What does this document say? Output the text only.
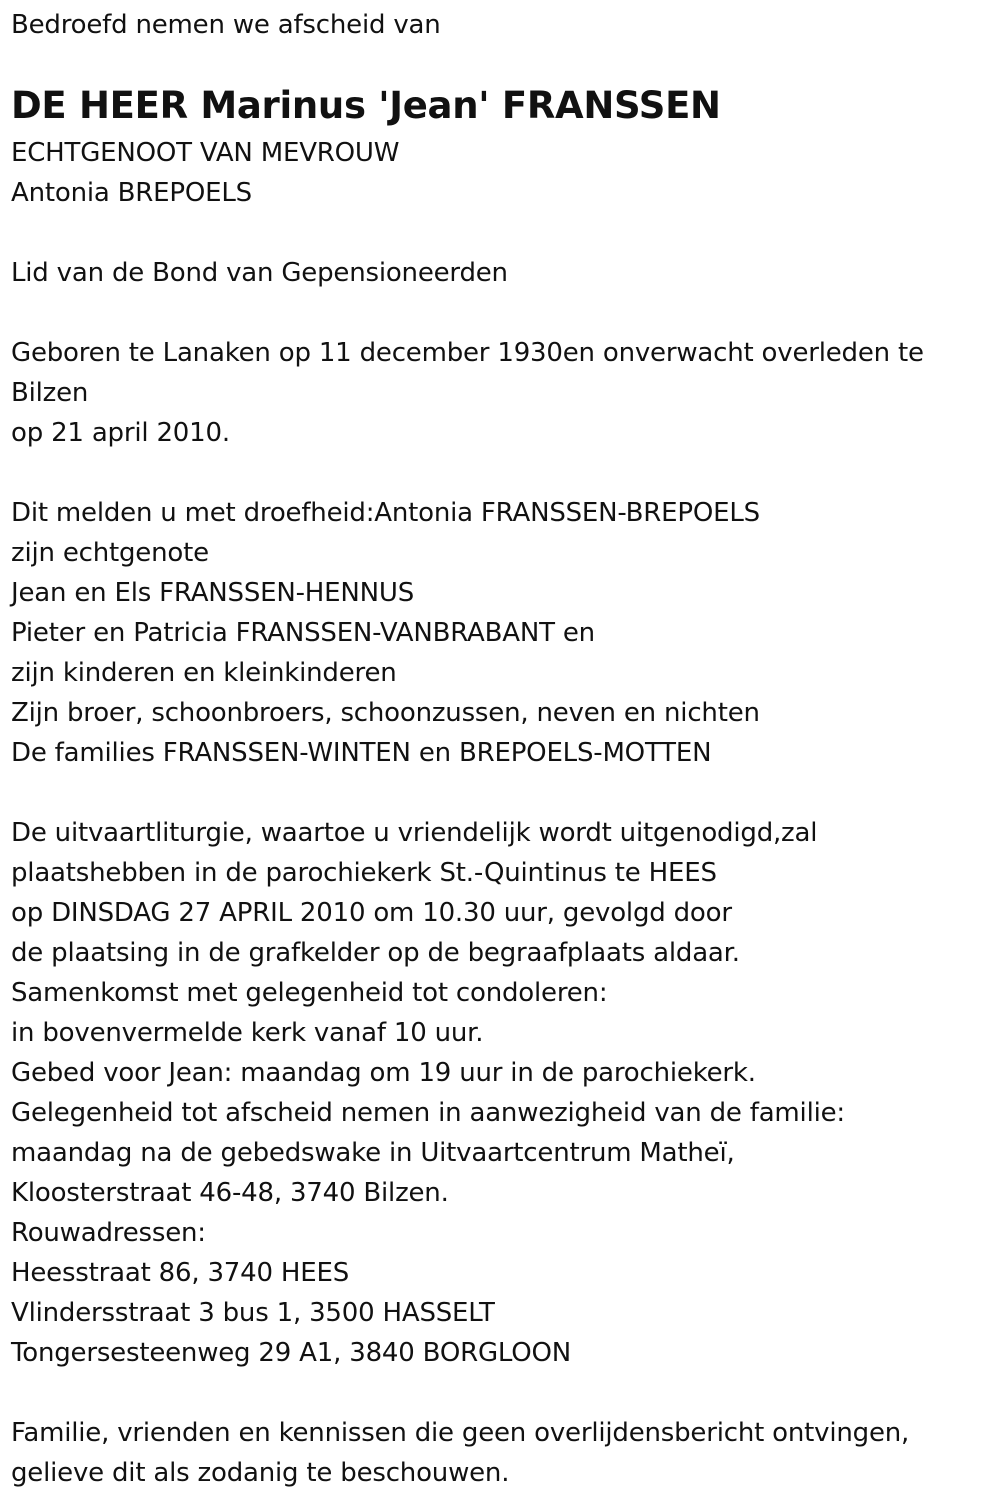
Bedroefd nemen we afscheid van
DE HEER Marinus 'Jean' FRANSSEN
ECHTGENOOT VAN MEVROUW
Antonia BREPOELS
Lid van de Bond van Gepensioneerden
Geboren te Lanaken op 11 december 1930en onverwacht overleden te
Bilzen
op 21 april 2010.
Dit melden u met droefheid:Antonia FRANSSEN-BREPOELS
zijn echtgenote
Jean en Els FRANSSEN-HENNUS
Pieter en Patricia FRANSSEN-VANBRABANT en
zijn kinderen en kleinkinderen
Zijn broer, schoonbroers, schoonzussen, neven en nichten
De families FRANSSEN-WINTEN en BREPOELS-MOTTEN
De uitvaartliturgie, waartoe u vriendelijk wordt uitgenodigd,zal
plaatshebben in de parochiekerk St.-Quintinus te HEES
op DINSDAG 27 APRIL 2010 om 10.30 uur, gevolgd door
de plaatsing in de grafkelder op de begraafplaats aldaar.
Samenkomst met gelegenheid tot condoleren:
in bovenvermelde kerk vanaf 10 uur.
Gebed voor Jean: maandag om 19 uur in de parochiekerk.
Gelegenheid tot afscheid nemen in aanwezigheid van de familie:
maandag na de gebedswake in Uitvaartcentrum Matheï,
Kloosterstraat 46-48, 3740 Bilzen.
Rouwadressen:
Heesstraat 86, 3740 HEES
Vlindersstraat 3 bus 1, 3500 HASSELT
Tongersesteenweg 29 A1, 3840 BORGLOON
Familie, vrienden en kennissen die geen overlijdensbericht ontvingen,
gelieve dit als zodanig te beschouwen.
